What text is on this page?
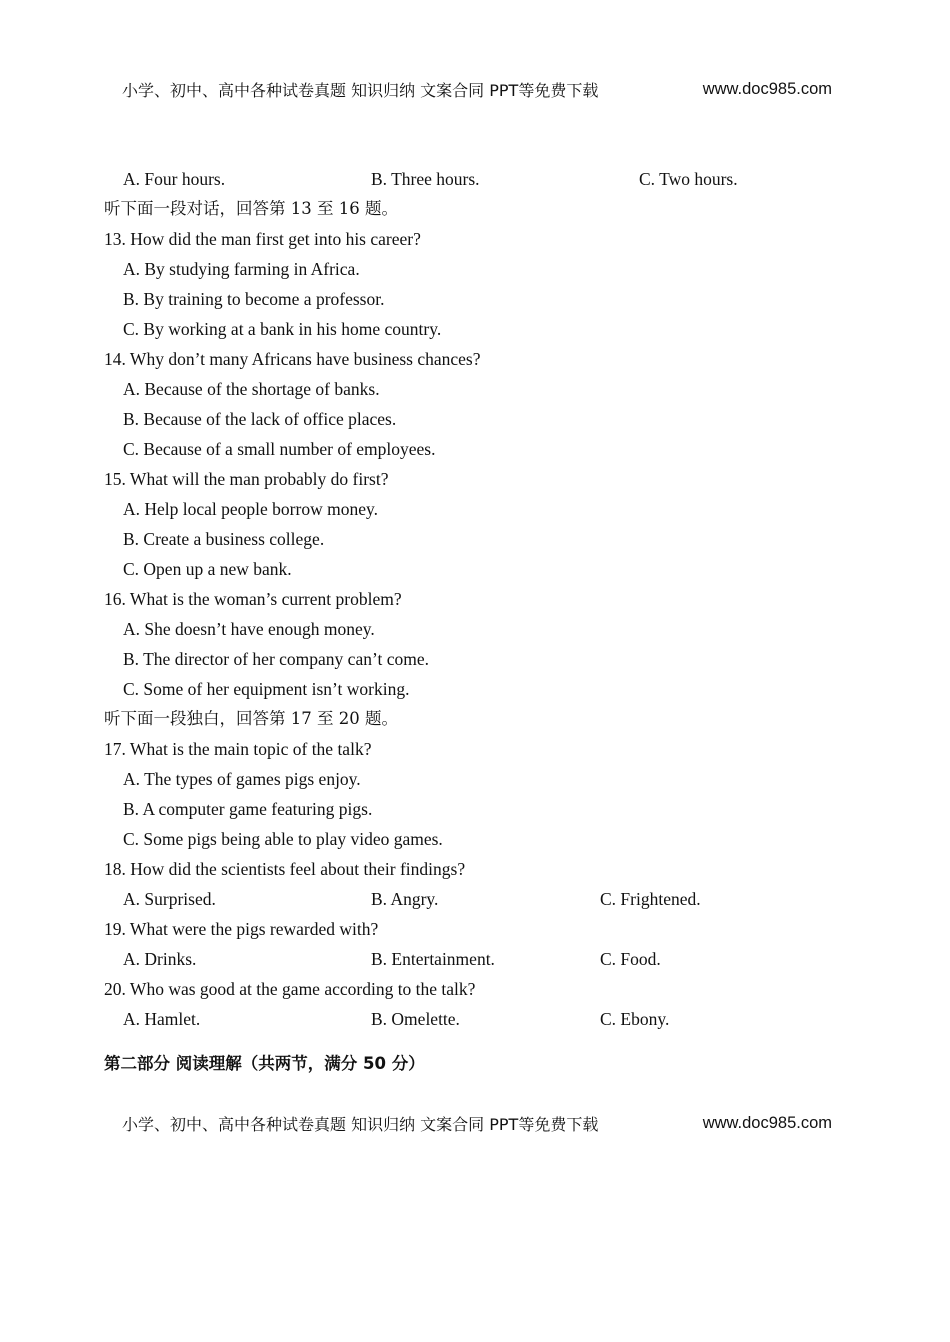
小学、初中、高中各种试卷真题 知识归纳 文案合同 PPT等免费下载	www.doc985.com
A. Four hours.	B. Three hours.	C. Two hours.
听下面一段对话，回答第 13 至 16 题。
13. How did the man first get into his career?
A. By studying farming in Africa.
B. By training to become a professor.
C. By working at a bank in his home country.
14. Why don’t many Africans have business chances?
A. Because of the shortage of banks.
B. Because of the lack of office places.
C. Because of a small number of employees.
15. What will the man probably do first?
A. Help local people borrow money.
B. Create a business college.
C. Open up a new bank.
16. What is the woman’s current problem?
A. She doesn’t have enough money.
B. The director of her company can’t come.
C. Some of her equipment isn’t working.
听下面一段独白，回答第 17 至 20 题。
17. What is the main topic of the talk?
A. The types of games pigs enjoy.
B. A computer game featuring pigs.
C. Some pigs being able to play video games.
18. How did the scientists feel about their findings?
A. Surprised.	B. Angry.	C. Frightened.
19. What were the pigs rewarded with?
A. Drinks.	B. Entertainment.	C. Food.
20. Who was good at the game according to the talk?
A. Hamlet.	B. Omelette.	C. Ebony.
第二部分 阅读理解（共两节，满分 50 分）
小学、初中、高中各种试卷真题 知识归纳 文案合同 PPT等免费下载	www.doc985.com
